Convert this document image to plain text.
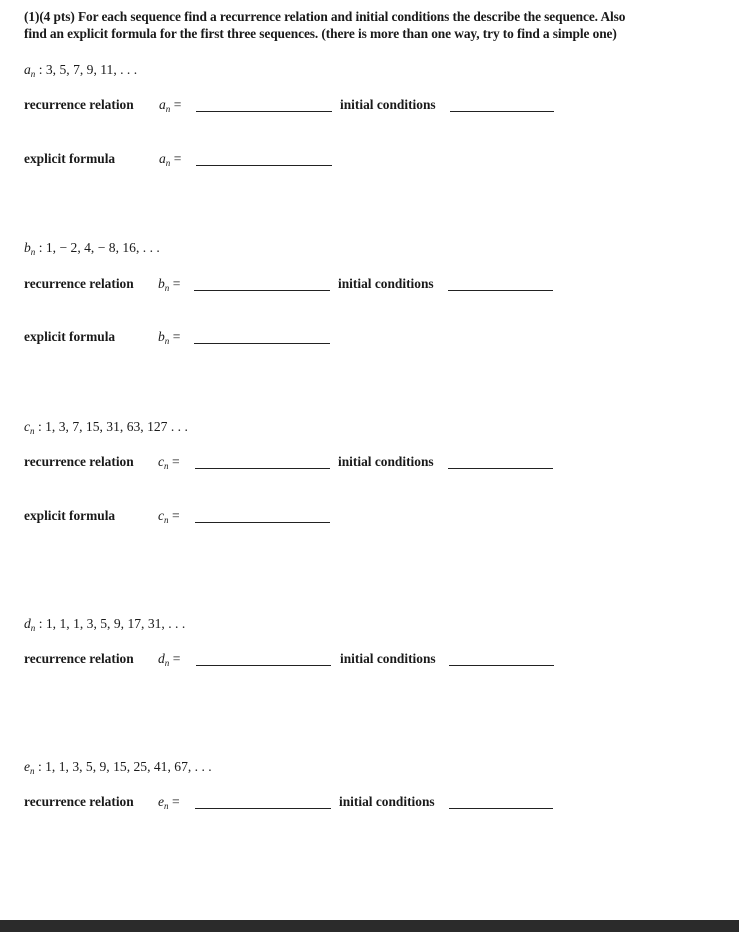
(1)(4 pts) For each sequence find a recurrence relation and initial conditions the describe the sequence. Also
find an explicit formula for the first three sequences. (there is more than one way, try to find a simple one)
$a_n$ : 3, 5, 7, 9, 11, . . .
recurrence relation $a_n$ =	initial conditions
explicit formula	$a_n$ =
$b_n$ : 1, − 2, 4, − 8, 16, . . .
recurrence relation $b_n$ =	initial conditions
explicit formula	$b_n$ =
$c_n$ : 1, 3, 7, 15, 31, 63, 127 . . .
recurrence relation $c_n$ =	initial conditions
explicit formula	$c_n$ =
$d_n$ : 1, 1, 1, 3, 5, 9, 17, 31, . . .
recurrence relation $d_n$ =	initial conditions
$e_n$ : 1, 1, 3, 5, 9, 15, 25, 41, 67, . . .
recurrence relation $e_n$ =	initial conditions
